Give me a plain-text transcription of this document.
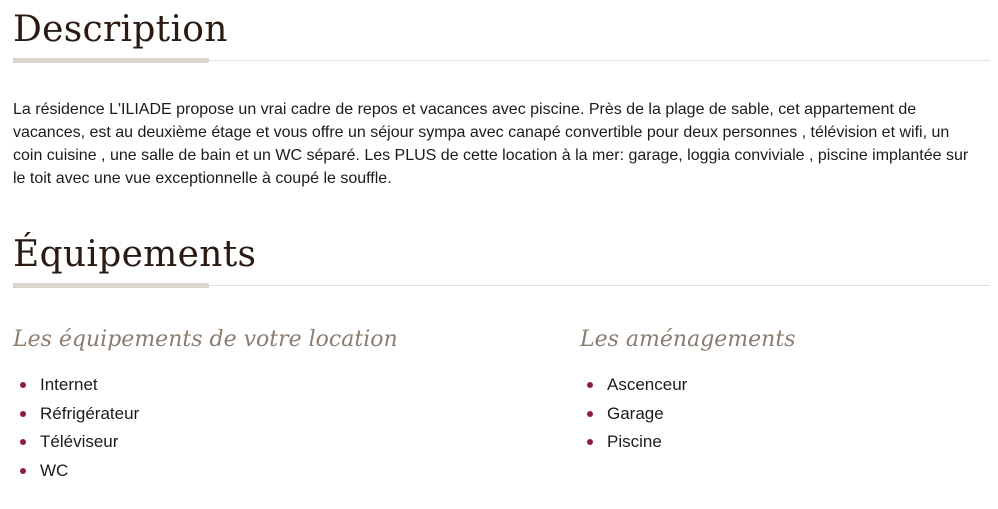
Description

La résidence L'ILIADE propose un vrai cadre de repos et vacances avec piscine. Près de la plage de sable, cet appartement de vacances, est au deuxième étage et vous offre un séjour sympa avec canapé convertible pour deux personnes , télévision et wifi, un coin cuisine , une salle de bain et un WC séparé. Les PLUS de cette location à la mer: garage, loggia conviviale , piscine implantée sur le toit avec une vue exceptionnelle à coupé le souffle.

Équipements
Les équipements de votre location
Internet
Réfrigérateur
Téléviseur
WC
Les aménagements
Ascenceur
Garage
Piscine
